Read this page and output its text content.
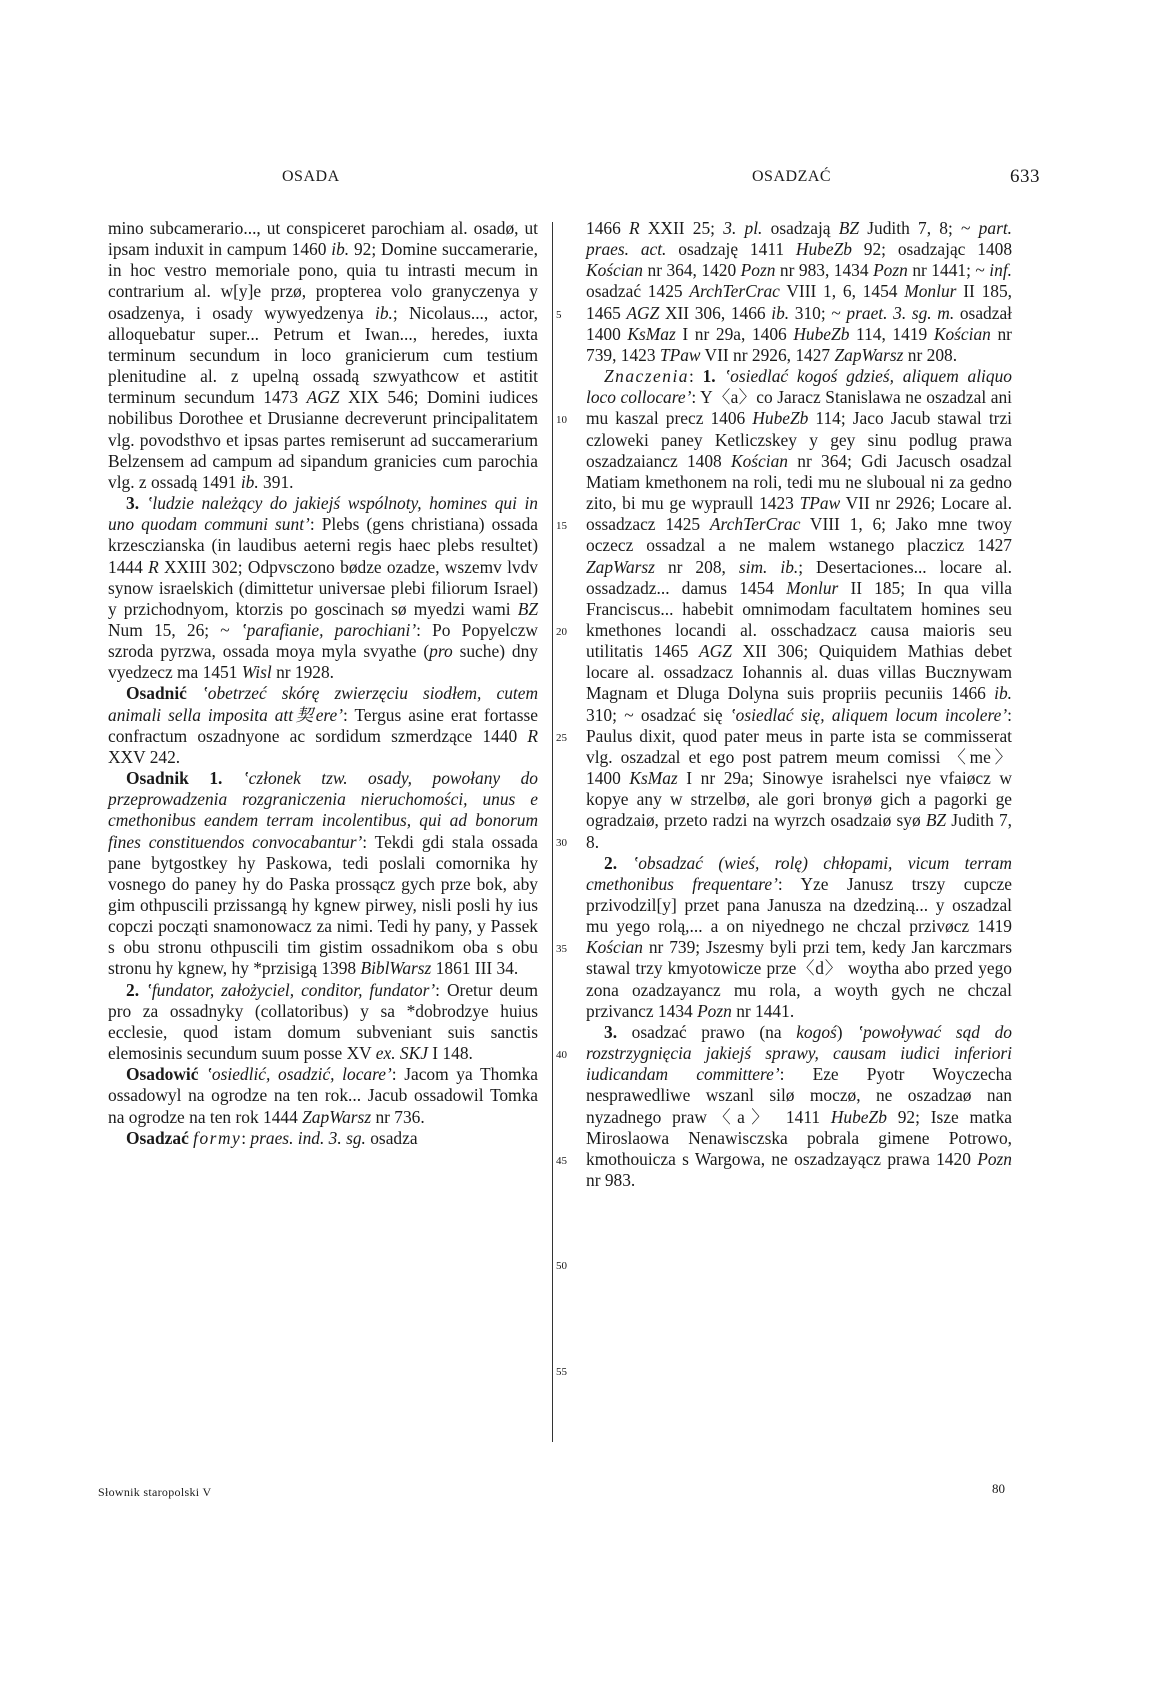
OSADA	OSADZAĆ	633

mino subcamerario..., ut conspiceret parochiam al. osadø, ut ipsam induxit in campum 1460 ib. 92; Domine succamerarie, in hoc vestro memoriale pono, quia tu intrasti mecum in contrarium al. w[y]e przø, propterea volo granyczenya y osadzenya, i osady wywyedzenya ib.; Nicolaus..., actor, alloquebatur super... Petrum et Iwan..., heredes, iuxta terminum secundum in loco granicierum cum testium plenitudine al. z upelną ossadą szwyathcow et astitit terminum secundum 1473 AGZ XIX 546; Domini iudices nobilibus Dorothee et Drusianne decreverunt principalitatem vlg. povodsthvo et ipsas partes remiserunt ad succamerarium Belzensem ad campum ad sipandum granicies cum parochia vlg. z ossadą 1491 ib. 391.

3. ʽludzie należący do jakiejś wspólnoty, homines qui in uno quodam communi suntʼ: Plebs (gens christiana) ossada krzesczianska (in laudibus aeterni regis haec plebs resultet) 1444 R XXIII 302; Odpvsczono bødze ozadze, wszemv lvdv synow israelskich (dimittetur universae plebi filiorum Israel) y przichodnyom, ktorzis po goscinach sø myedzi wami BZ Num 15, 26; ~ ʽparafianie, parochianiʼ: Po Popyelczw szroda pyrzwa, ossada moya myla svyathe (pro suche) dny vyedzecz ma 1451 Wisl nr 1928.

Osadnić ʽobetrzeć skórę zwierzęciu siodłem, cutem animali sella imposita att契ereʼ: Tergus asine erat fortasse confractum oszadnyone ac sordidum szmerdzące 1440 R XXV 242.

Osadnik 1. ʽczłonek tzw. osady, powołany do przeprowadzenia rozgraniczenia nieruchomości, unus e cmethonibus eandem terram incolentibus, qui ad bonorum fines constituendos convocabanturʼ: Tekdi gdi stala ossada pane bytgostkey hy Paskowa, tedi poslali comornika hy vosnego do paney hy do Paska prossącz gych prze bok, aby gim othpuscili przissangą hy kgnew pirwey, nisli posli hy ius copczi począti snamonowacz za nimi. Tedi hy pany, y Passek s obu stronu othpuscili tim gistim ossadnikom oba s obu stronu hy kgnew, hy *przisigą 1398 BiblWarsz 1861 III 34.

2. ʽfundator, założyciel, conditor, fundatorʼ: Oretur deum pro za ossadnyky (collatoribus) y sa *dobrodzye huius ecclesie, quod istam domum subveniant suis sanctis elemosinis secundum suum posse XV ex. SKJ I 148.

Osadowić ʽosiedlić, osadzić, locareʼ: Jacom ya Thomka ossadowyl na ogrodze na ten rok... Jacub ossadowil Tomka na ogrodze na ten rok 1444 ZapWarsz nr 736.

Osadzać formy: praes. ind. 3. sg. osadza

5
10
15
20
25
30
35
40
45
50
55

1466 R XXII 25; 3. pl. osadzają BZ Judith 7, 8; ~ part. praes. act. osadzaję 1411 HubeZb 92; osadzając 1408 Kościan nr 364, 1420 Pozn nr 983, 1434 Pozn nr 1441; ~ inf. osadzać 1425 ArchTerCrac VIII 1, 6, 1454 Monlur II 185, 1465 AGZ XII 306, 1466 ib. 310; ~ praet. 3. sg. m. osadzał 1400 KsMaz I nr 29a, 1406 HubeZb 114, 1419 Kościan nr 739, 1423 TPaw VII nr 2926, 1427 ZapWarsz nr 208.

Znaczenia: 1. ʽosiedlać kogoś gdzieś, aliquem aliquo loco collocareʼ: Y〈a〉co Jaracz Stanislawa ne oszadzal ani mu kaszal precz 1406 HubeZb 114; Jaco Jacub stawal trzi czloweki paney Ketliczskey y gey sinu podlug prawa oszadzaiancz 1408 Kościan nr 364; Gdi Jacusch osadzal Matiam kmethonem na roli, tedi mu ne sluboual ni za gedno zito, bi mu ge wypraull 1423 TPaw VII nr 2926; Locare al. ossadzacz 1425 ArchTerCrac VIII 1, 6; Jako mne twoy oczecz ossadzal a ne malem wstanego placzicz 1427 ZapWarsz nr 208, sim. ib.; Desertaciones... locare al. ossadzadz... damus 1454 Monlur II 185; In qua villa Franciscus... habebit omnimodam facultatem homines seu kmethones locandi al. osschadzacz causa maioris seu utilitatis 1465 AGZ XII 306; Quiquidem Mathias debet locare al. ossadzacz Iohannis al. duas villas Bucznywam Magnam et Dluga Dolyna suis propriis pecuniis 1466 ib. 310; ~ osadzać się ʽosiedlać się, aliquem locum incolereʼ: Paulus dixit, quod pater meus in parte ista se commisserat vlg. oszadzal et ego post patrem meum comissi 〈me〉 1400 KsMaz I nr 29a; Sinowye israhelsci nye vfaiøcz w kopye any w strzelbø, ale gori bronyø gich a pagorki ge ogradzaiø, przeto radzi na wyrzch osadzaiø syø BZ Judith 7, 8.

2. ʽobsadzać (wieś, rolę) chłopami, vicum terram cmethonibus frequentareʼ: Yze Janusz trszy cupcze przivodzil[y] przet pana Janusza na dzedziną... y oszadzal mu yego rolą,... a on niyednego ne chczal przivøcz 1419 Kościan nr 739; Jszesmy byli przi tem, kedy Jan karczmars stawal trzy kmyotowicze prze〈d〉 woytha abo przed yego zona ozadzayancz mu rola, a woyth gych ne chczal przivancz 1434 Pozn nr 1441.

3. osadzać prawo (na kogoś) ʽpowoływać sąd do rozstrzygnięcia jakiejś sprawy, causam iudici inferiori iudicandam committereʼ: Eze Pyotr Woyczecha nesprawedliwe wszanl silø moczø, ne oszadzaø nan nyzadnego praw〈a〉 1411 HubeZb 92; Isze matka Miroslaowa Nenawisczska pobrala gimene Potrowo, kmothouicza s Wargowa, ne oszadzayącz prawa 1420 Pozn nr 983.

Słownik staropolski V	80
